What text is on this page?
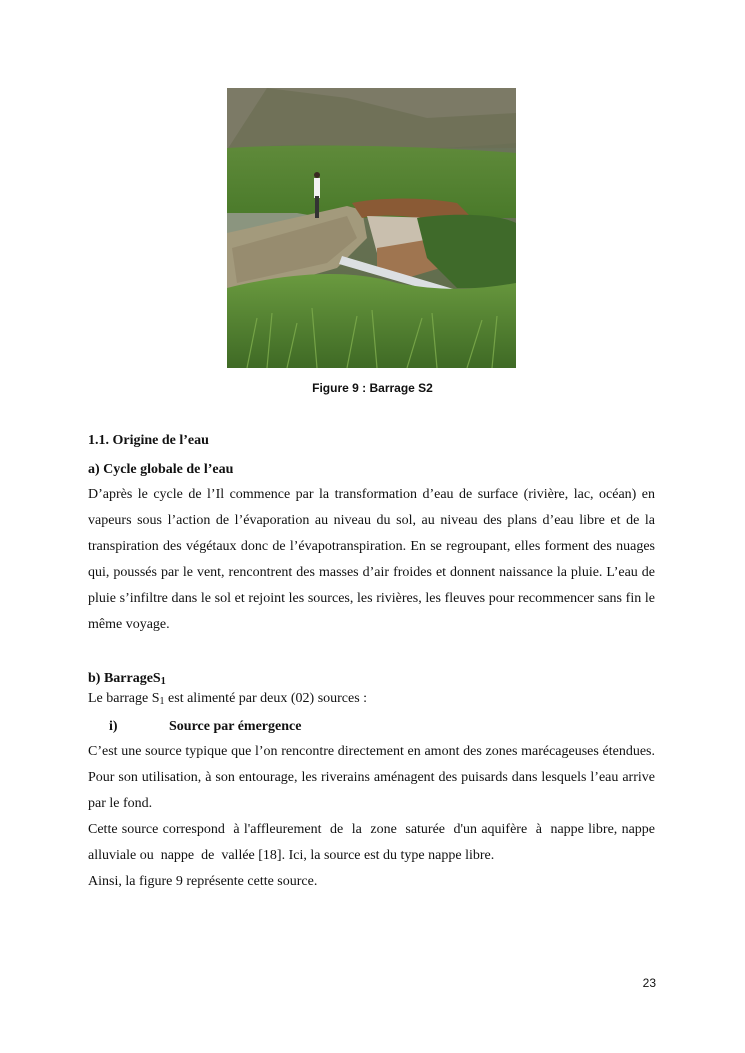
Figure 9 : Barrage S2
1.1. Origine de l’eau
a) Cycle globale de l’eau
D’après le cycle de l’Il commence par la transformation d’eau de surface (rivière, lac, océan) en vapeurs sous l’action de l’évaporation au niveau du sol, au niveau des plans d’eau libre et de la transpiration des végétaux donc de l’évapotranspiration. En se regroupant, elles forment des nuages qui, poussés par le vent, rencontrent des masses d’air froides et donnent naissance la pluie. L’eau de pluie s’infiltre dans le sol et rejoint les sources, les rivières, les fleuves pour recommencer sans fin le même voyage.
b) BarrageS$_1$
Le barrage $S_1$ est alimenté par deux (02) sources :
i)	Source par émergence
C’est une source typique que l’on rencontre directement en amont des zones marécageuses étendues. Pour son utilisation, à son entourage, les riverains aménagent des puisards dans lesquels l’eau arrive par le fond.
Cette source correspond  à l'affleurement  de  la  zone  saturée  d'un aquifère  à  nappe libre, nappe  alluviale ou  nappe  de  vallée [18]. Ici, la source est du type nappe libre.
Ainsi, la figure 9 représente cette source.
23
